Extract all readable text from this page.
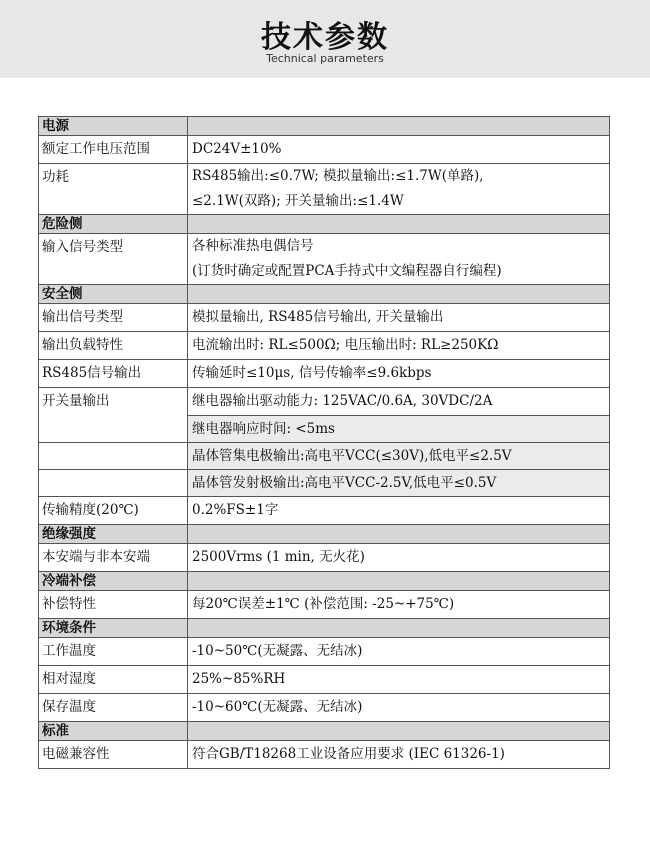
技术参数
Technical parameters
电源	
额定工作电压范围	DC24V±10%
功耗	RS485输出:≤0.7W; 模拟量输出:≤1.7W(单路),
≤2.1W(双路); 开关量输出:≤1.4W

危险侧	
输入信号类型	各种标准热电偶信号
(订货时确定或配置PCA手持式中文编程器自行编程)

安全侧	
输出信号类型	模拟量输出, RS485信号输出, 开关量输出
输出负载特性	电流输出时: RL≤500Ω; 电压输出时: RL≥250KΩ
RS485信号输出	传输延时≤10μs, 信号传输率≤9.6kbps
开关量输出	继电器输出驱动能力: 125VAC/0.6A, 30VDC/2A
	继电器响应时间: <5ms
	晶体管集电极输出:高电平VCC(≤30V),低电平≤2.5V
	晶体管发射极输出:高电平VCC-2.5V,低电平≤0.5V
传输精度(20℃)	0.2%FS±1字
绝缘强度	
本安端与非本安端	2500Vrms (1 min, 无火花)
冷端补偿	
补偿特性	每20℃误差±1℃ (补偿范围: -25~+75℃)
环境条件	
工作温度	-10~50℃(无凝露、无结冰)
相对湿度	25%~85%RH
保存温度	-10~60℃(无凝露、无结冰)
标准	
电磁兼容性	符合GB/T18268工业设备应用要求 (IEC 61326-1)
